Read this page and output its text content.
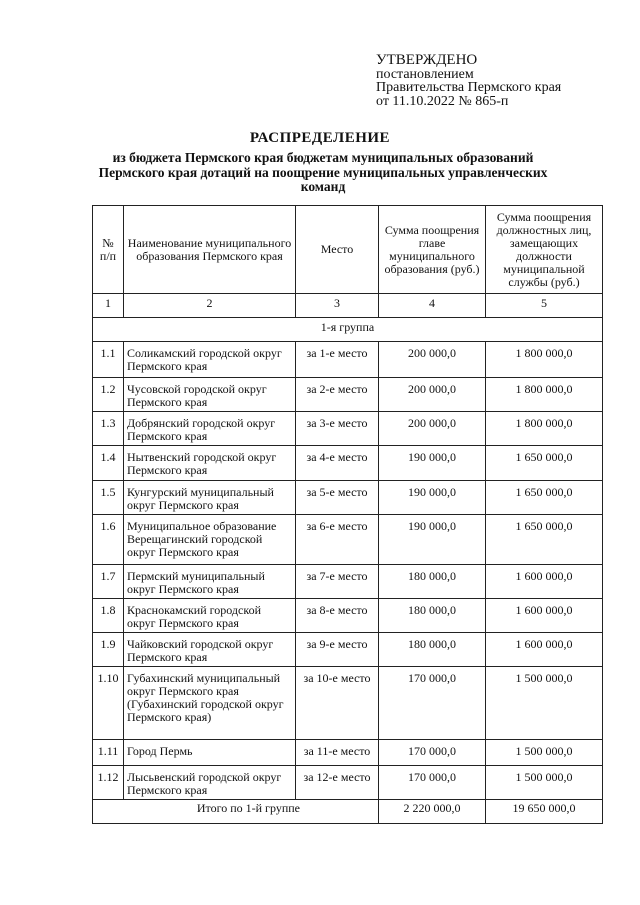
УТВЕРЖДЕНО
постановлением
Правительства Пермского края
от 11.10.2022 № 865-п
РАСПРЕДЕЛЕНИЕ
из бюджета Пермского края бюджетам муниципальных образований Пермского края дотаций на поощрение муниципальных управленческих команд
№ п/п	Наименование муниципального образования Пермского края	Место	Сумма поощрения главе муниципального образования (руб.)	Сумма поощрения должностных лиц, замещающих должности муниципальной службы (руб.)
1	2	3	4	5
1-я группа				
1.1	Соликамский городской округ Пермского края	за 1-е место	200 000,0	1 800 000,0
1.2	Чусовской городской округ Пермского края	за 2-е место	200 000,0	1 800 000,0
1.3	Добрянский городской округ Пермского края	за 3-е место	200 000,0	1 800 000,0
1.4	Нытвенский городской округ Пермского края	за 4-е место	190 000,0	1 650 000,0
1.5	Кунгурский муниципальный округ Пермского края	за 5-е место	190 000,0	1 650 000,0
1.6	Муниципальное образование Верещагинский городской округ Пермского края	за 6-е место	190 000,0	1 650 000,0
1.7	Пермский муниципальный округ Пермского края	за 7-е место	180 000,0	1 600 000,0
1.8	Краснокамский городской округ Пермского края	за 8-е место	180 000,0	1 600 000,0
1.9	Чайковский городской округ Пермского края	за 9-е место	180 000,0	1 600 000,0
1.10	Губахинский муниципальный округ Пермского края (Губахинский городской округ Пермского края)	за 10-е место	170 000,0	1 500 000,0
1.11	Город Пермь	за 11-е место	170 000,0	1 500 000,0
1.12	Лысьвенский городской округ Пермского края	за 12-е место	170 000,0	1 500 000,0
Итого по 1-й группе			2 220 000,0	19 650 000,0
